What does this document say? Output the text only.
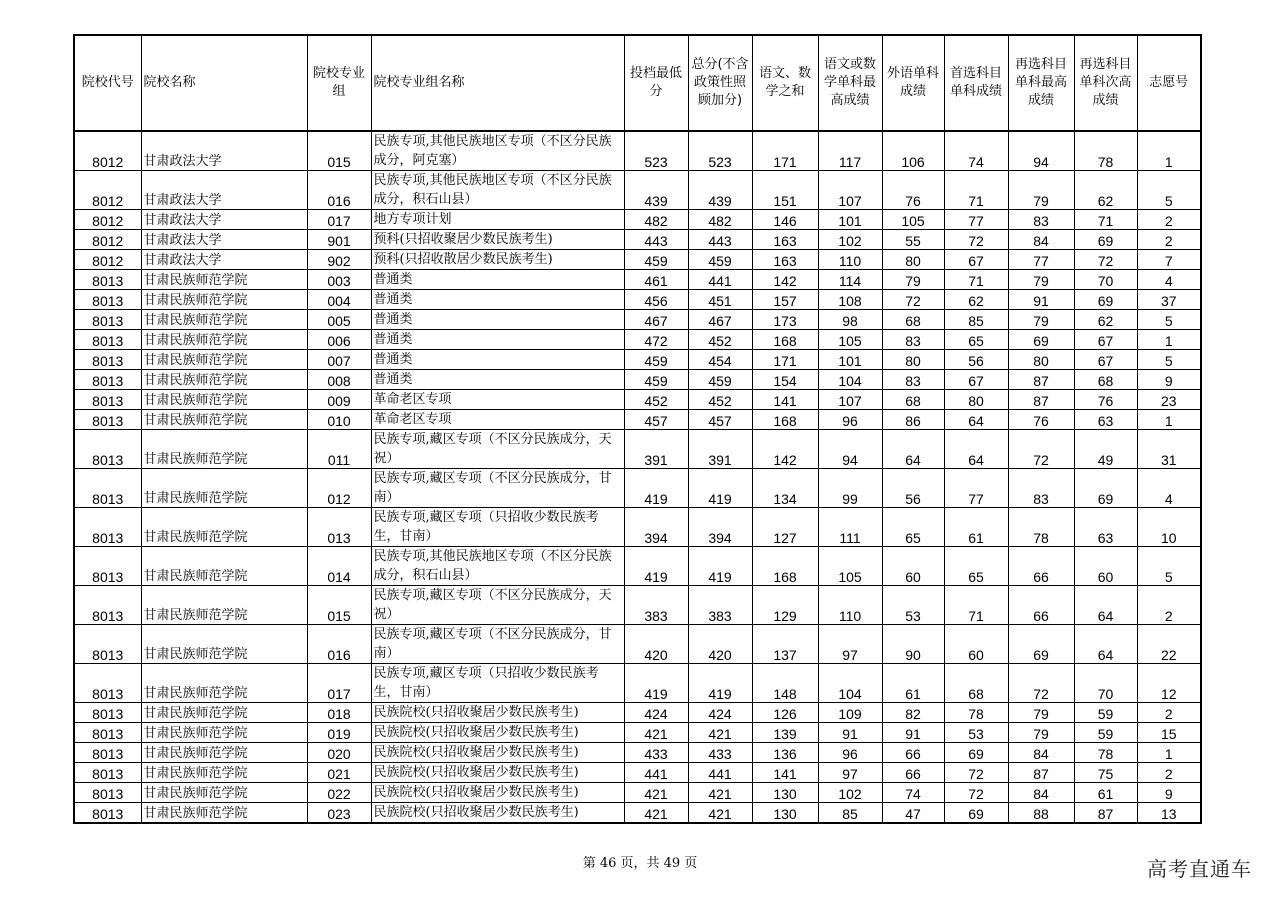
院校代号	院校名称	院校专业组	院校专业组名称	投档最低分	总分(不含政策性照顾加分)	语文、数学之和	语文或数学单科最高成绩	外语单科成绩	首选科目单科成绩	再选科目单科最高成绩	再选科目单科次高成绩	志愿号
8012	甘肃政法大学	015	民族专项,其他民族地区专项（不区分民族成分，阿克塞）	523	523	171	117	106	74	94	78	1
8012	甘肃政法大学	016	民族专项,其他民族地区专项（不区分民族成分，积石山县）	439	439	151	107	76	71	79	62	5
8012	甘肃政法大学	017	地方专项计划	482	482	146	101	105	77	83	71	2
8012	甘肃政法大学	901	预科(只招收聚居少数民族考生)	443	443	163	102	55	72	84	69	2
8012	甘肃政法大学	902	预科(只招收散居少数民族考生)	459	459	163	110	80	67	77	72	7
8013	甘肃民族师范学院	003	普通类	461	441	142	114	79	71	79	70	4
8013	甘肃民族师范学院	004	普通类	456	451	157	108	72	62	91	69	37
8013	甘肃民族师范学院	005	普通类	467	467	173	98	68	85	79	62	5
8013	甘肃民族师范学院	006	普通类	472	452	168	105	83	65	69	67	1
8013	甘肃民族师范学院	007	普通类	459	454	171	101	80	56	80	67	5
8013	甘肃民族师范学院	008	普通类	459	459	154	104	83	67	87	68	9
8013	甘肃民族师范学院	009	革命老区专项	452	452	141	107	68	80	87	76	23
8013	甘肃民族师范学院	010	革命老区专项	457	457	168	96	86	64	76	63	1
8013	甘肃民族师范学院	011	民族专项,藏区专项（不区分民族成分，天祝）	391	391	142	94	64	64	72	49	31
8013	甘肃民族师范学院	012	民族专项,藏区专项（不区分民族成分，甘南）	419	419	134	99	56	77	83	69	4
8013	甘肃民族师范学院	013	民族专项,藏区专项（只招收少数民族考生，甘南）	394	394	127	111	65	61	78	63	10
8013	甘肃民族师范学院	014	民族专项,其他民族地区专项（不区分民族成分，积石山县）	419	419	168	105	60	65	66	60	5
8013	甘肃民族师范学院	015	民族专项,藏区专项（不区分民族成分，天祝）	383	383	129	110	53	71	66	64	2
8013	甘肃民族师范学院	016	民族专项,藏区专项（不区分民族成分，甘南）	420	420	137	97	90	60	69	64	22
8013	甘肃民族师范学院	017	民族专项,藏区专项（只招收少数民族考生，甘南）	419	419	148	104	61	68	72	70	12
8013	甘肃民族师范学院	018	民族院校(只招收聚居少数民族考生)	424	424	126	109	82	78	79	59	2
8013	甘肃民族师范学院	019	民族院校(只招收聚居少数民族考生)	421	421	139	91	91	53	79	59	15
8013	甘肃民族师范学院	020	民族院校(只招收聚居少数民族考生)	433	433	136	96	66	69	84	78	1
8013	甘肃民族师范学院	021	民族院校(只招收聚居少数民族考生)	441	441	141	97	66	72	87	75	2
8013	甘肃民族师范学院	022	民族院校(只招收聚居少数民族考生)	421	421	130	102	74	72	84	61	9
8013	甘肃民族师范学院	023	民族院校(只招收聚居少数民族考生)	421	421	130	85	47	69	88	87	13
第 46 页，共 49 页	高考直通车
